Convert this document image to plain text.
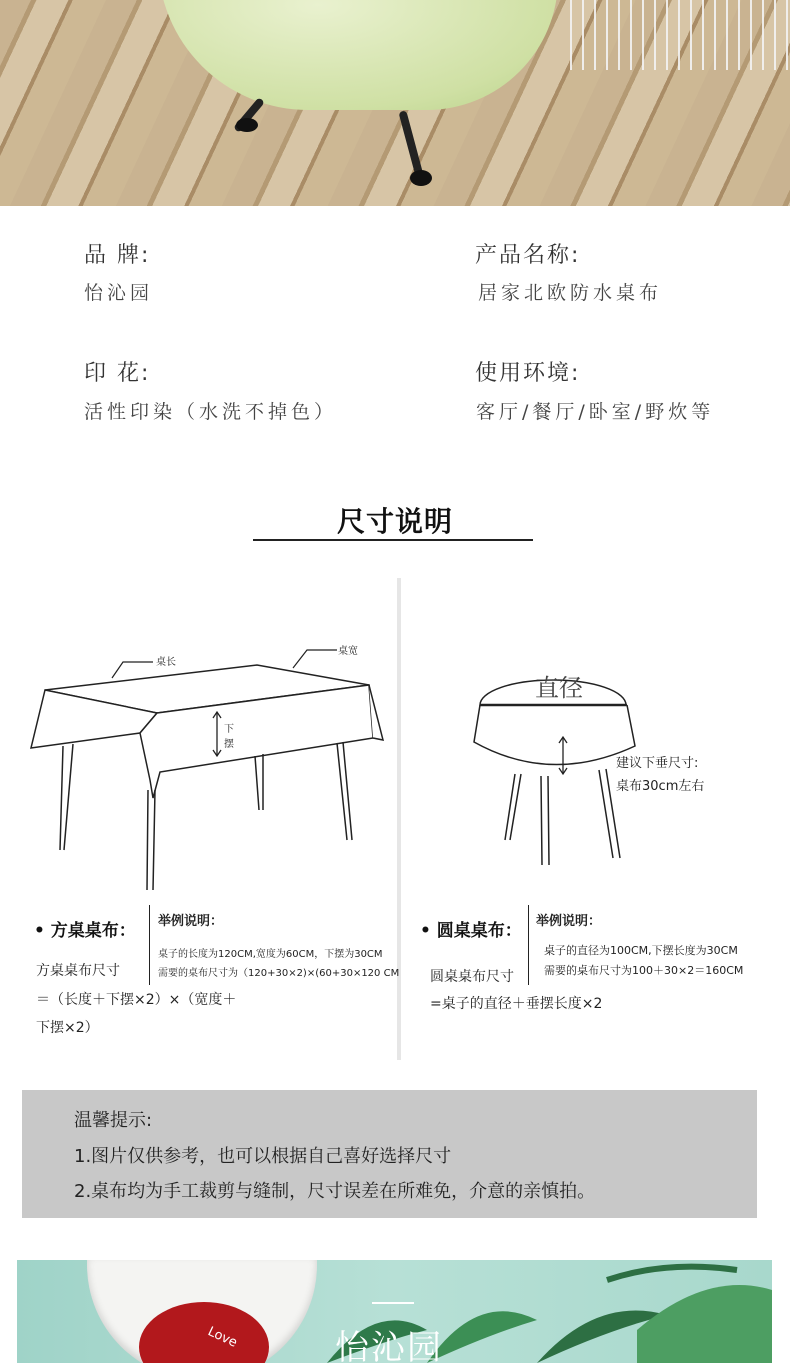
品 牌:
怡沁园
产品名称:
居家北欧防水桌布
印 花:
活性印染（水洗不掉色）
使用环境:
客厅/餐厅/卧室/野炊等
尺寸说明
桌长
桌宽
下
摆
直径
建议下垂尺寸:
桌布30cm左右
• 方桌桌布： 举例说明：
桌子的长度为120CM,宽度为60CM，下摆为30CM
需要的桌布尺寸为（120+30×2)×(60+30×120 CM
方桌桌布尺寸
＝（长度＋下摆×2）×（宽度＋
下摆×2）
• 圆桌桌布： 举例说明：
桌子的直径为100CM,下摆长度为30CM
需要的桌布尺寸为100＋30×2＝160CM
圆桌桌布尺寸
=桌子的直径＋垂摆长度×2
温馨提示:
1.图片仅供参考，也可以根据自己喜好选择尺寸
2.桌布均为手工裁剪与缝制，尺寸误差在所难免，介意的亲慎拍。
Love	怡沁园
